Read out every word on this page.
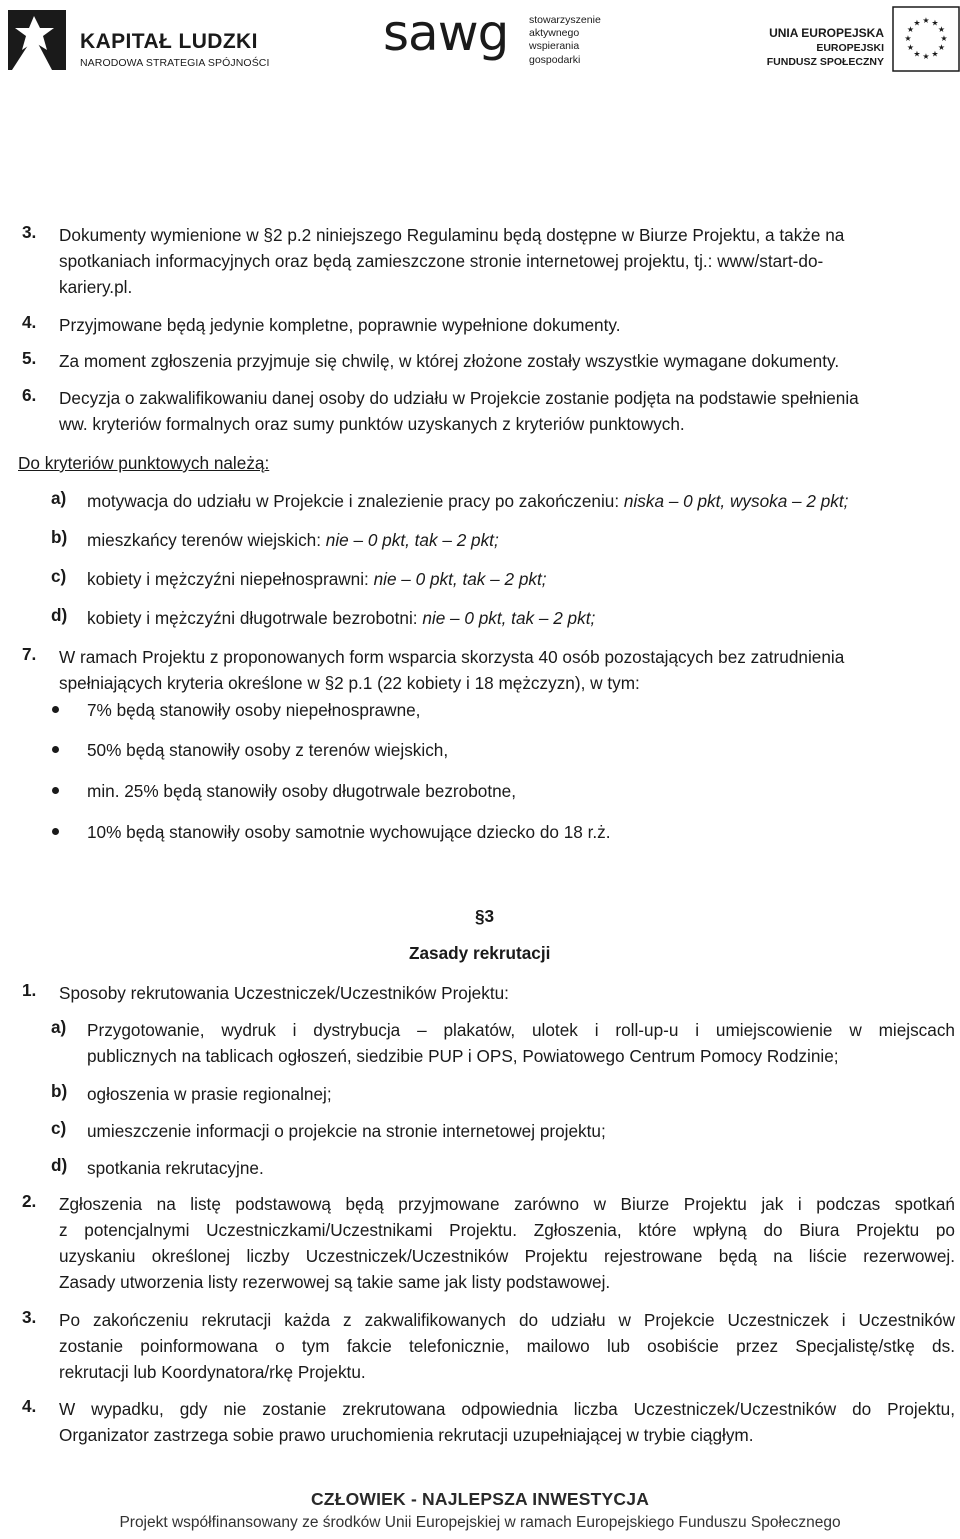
KAPITAŁ LUDZKI
NARODOWA STRATEGIA SPÓJNOŚCI
sawg stowarzyszenie
aktywnego
wspierania
gospodarki
UNIA EUROPEJSKA
EUROPEJSKI
FUNDUSZ SPOŁECZNY
★ ★
★
★
★
★
★
★
★
★
★
★
3. Dokumenty wymienione w §2 p.2 niniejszego Regulaminu będą dostępne w Biurze Projektu, a także na
spotkaniach informacyjnych oraz będą zamieszczone stronie internetowej projektu, tj.: www/start-do-
kariery.pl.
4. Przyjmowane będą jedynie kompletne, poprawnie wypełnione dokumenty.
5. Za moment zgłoszenia przyjmuje się chwilę, w której złożone zostały wszystkie wymagane dokumenty.
6. Decyzja o zakwalifikowaniu danej osoby do udziału w Projekcie zostanie podjęta na podstawie spełnienia
ww. kryteriów formalnych oraz sumy punktów uzyskanych z kryteriów punktowych.
Do kryteriów punktowych należą:
a) motywacja do udziału w Projekcie i znalezienie pracy po zakończeniu: niska – 0 pkt, wysoka – 2 pkt;
b) mieszkańcy terenów wiejskich: nie – 0 pkt, tak – 2 pkt;
c) kobiety i mężczyźni niepełnosprawni: nie – 0 pkt, tak – 2 pkt;
d) kobiety i mężczyźni długotrwale bezrobotni: nie – 0 pkt, tak – 2 pkt;
7. W ramach Projektu z proponowanych form wsparcia skorzysta 40 osób pozostających bez zatrudnienia
spełniających kryteria określone w §2 p.1 (22 kobiety i 18 mężczyzn), w tym:
7% będą stanowiły osoby niepełnosprawne,
50% będą stanowiły osoby z terenów wiejskich,
min. 25% będą stanowiły osoby długotrwale bezrobotne,
10% będą stanowiły osoby samotnie wychowujące dziecko do 18 r.ż.
§3
Zasady rekrutacji
1. Sposoby rekrutowania Uczestniczek/Uczestników Projektu:
a) Przygotowanie, wydruk i dystrybucja – plakatów, ulotek i roll-up-u i umiejscowienie w miejscach
publicznych na tablicach ogłoszeń, siedzibie PUP i OPS, Powiatowego Centrum Pomocy Rodzinie;
b) ogłoszenia w prasie regionalnej;
c) umieszczenie informacji o projekcie na stronie internetowej projektu;
d) spotkania rekrutacyjne.
2. Zgłoszenia na listę podstawową będą przyjmowane zarówno w Biurze Projektu jak i podczas spotkań
z potencjalnymi Uczestniczkami/Uczestnikami Projektu. Zgłoszenia, które wpłyną do Biura Projektu po
uzyskaniu określonej liczby Uczestniczek/Uczestników Projektu rejestrowane będą na liście rezerwowej.
Zasady utworzenia listy rezerwowej są takie same jak listy podstawowej.
3. Po zakończeniu rekrutacji każda z zakwalifikowanych do udziału w Projekcie Uczestniczek i Uczestników
zostanie poinformowana o tym fakcie telefonicznie, mailowo lub osobiście przez Specjalistę/stkę ds.
rekrutacji lub Koordynatora/rkę Projektu.
4. W wypadku, gdy nie zostanie zrekrutowana odpowiednia liczba Uczestniczek/Uczestników do Projektu,
Organizator zastrzega sobie prawo uruchomienia rekrutacji uzupełniającej w trybie ciągłym.
CZŁOWIEK - NAJLEPSZA INWESTYCJA
Projekt współfinansowany ze środków Unii Europejskiej w ramach Europejskiego Funduszu Społecznego
